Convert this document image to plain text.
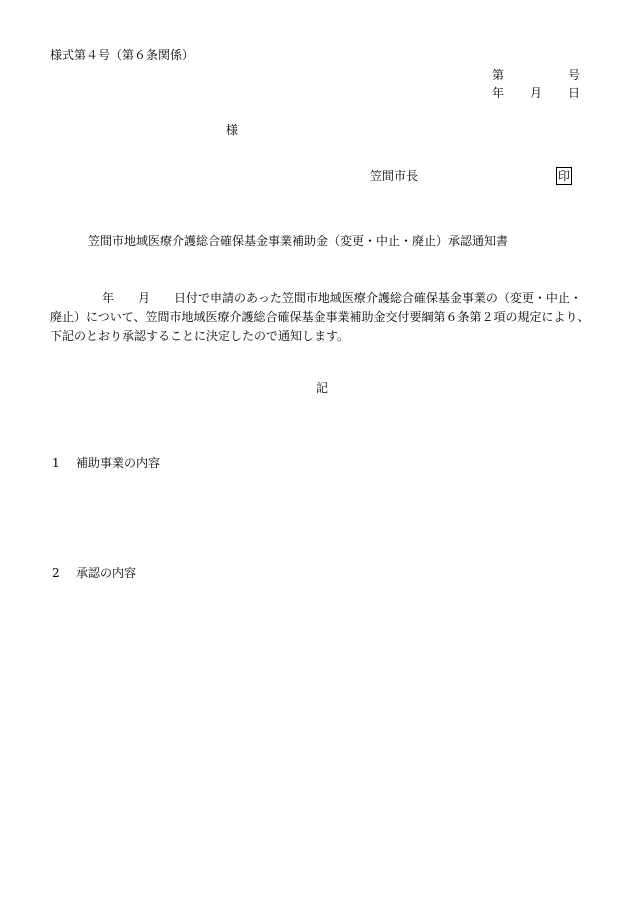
様式第４号（第６条関係）
第	号
年 月 日
様
笠間市長	印
笠間市地域医療介護総合確保基金事業補助金（変更・中止・廃止）承認通知書
年 月 日付で申請のあった笠間市地域医療介護総合確保基金事業の（変更・中止・
廃止）について、笠間市地域医療介護総合確保基金事業補助金交付要綱第６条第２項の規定により、
下記のとおり承認することに決定したので通知します。
記
1 補助事業の内容
2 承認の内容
